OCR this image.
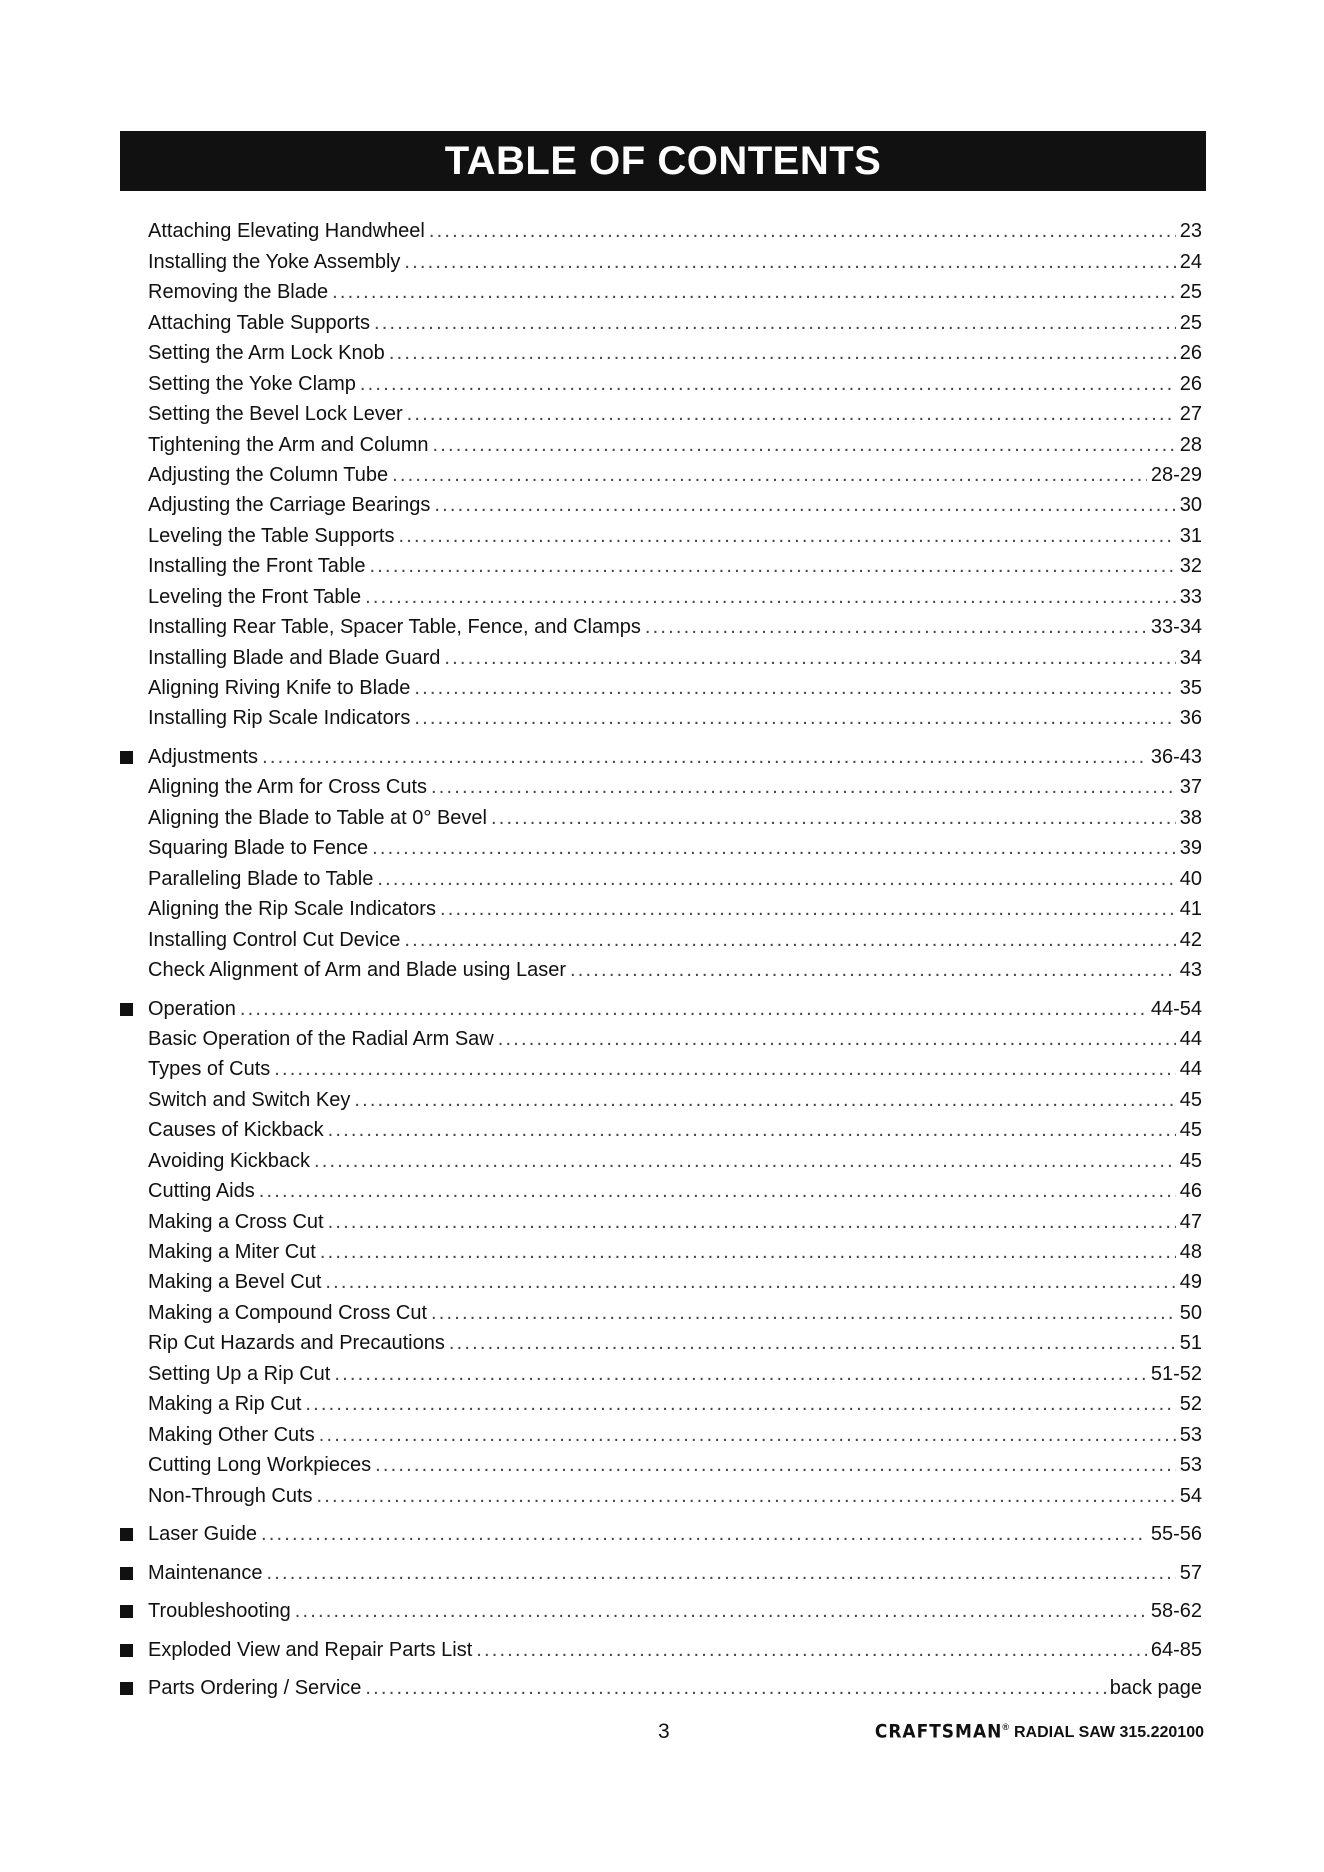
TABLE OF CONTENTS
Attaching Elevating Handwheel .....	23
Installing the Yoke Assembly .....	24
Removing the Blade .....	25
Attaching Table Supports .....	25
Setting the Arm Lock Knob .....	26
Setting the Yoke Clamp .....	26
Setting the Bevel Lock Lever .....	27
Tightening the Arm and Column .....	28
Adjusting the Column Tube .....	28-29
Adjusting the Carriage Bearings .....	30
Leveling the Table Supports .....	31
Installing the Front Table .....	32
Leveling the Front Table .....	33
Installing Rear Table, Spacer Table, Fence, and Clamps .....	33-34
Installing Blade and Blade Guard .....	34
Aligning Riving Knife to Blade .....	35
Installing Rip Scale Indicators .....	36
Adjustments .....	36-43
Aligning the Arm for Cross Cuts .....	37
Aligning the Blade to Table at 0° Bevel .....	38
Squaring Blade to Fence .....	39
Paralleling Blade to Table .....	40
Aligning the Rip Scale Indicators .....	41
Installing Control Cut Device .....	42
Check Alignment of Arm and Blade using Laser .....	43
Operation .....	44-54
Basic Operation of the Radial Arm Saw .....	44
Types of Cuts .....	44
Switch and Switch Key .....	45
Causes of Kickback .....	45
Avoiding Kickback .....	45
Cutting Aids .....	46
Making a Cross Cut .....	47
Making a Miter Cut .....	48
Making a Bevel Cut .....	49
Making a Compound Cross Cut .....	50
Rip Cut Hazards and Precautions .....	51
Setting Up a Rip Cut .....	51-52
Making a Rip Cut .....	52
Making Other Cuts .....	53
Cutting Long Workpieces .....	53
Non-Through Cuts .....	54
Laser Guide .....	55-56
Maintenance .....	57
Troubleshooting .....	58-62
Exploded View and Repair Parts List .....	64-85
Parts Ordering / Service .....	back page
3	CRAFTSMAN® RADIAL SAW 315.220100
